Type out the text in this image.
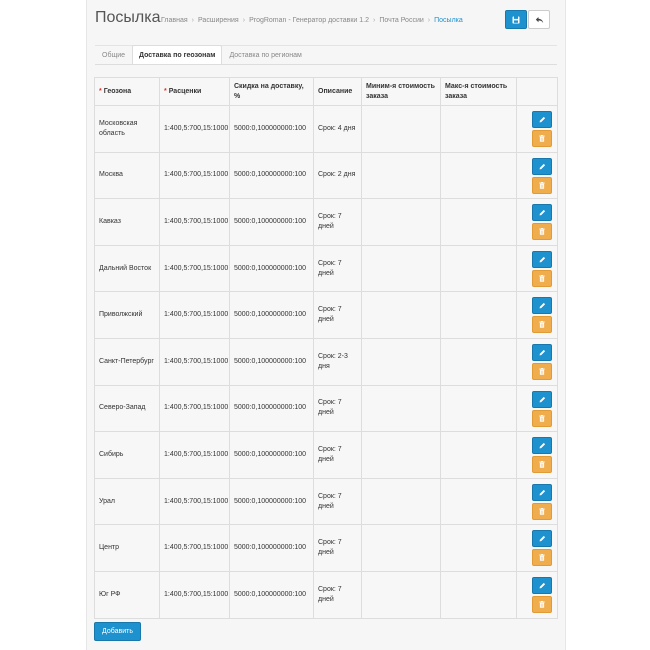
Посылка Главная › Расширения › ProgRoman - Генератор доставки 1.2 › Почта России › Посылка
Общие	Доставка по геозонам	Доставка по регионам
* Геозона	* Расценки	Скидка на доставку, %	Описание	Миним-я стоимость заказа	Макс-я стоимость заказа	
Московская область	1:400,5:700,15:1000	5000:0,100000000:100	Срок: 4 дня			

Москва	1:400,5:700,15:1000	5000:0,100000000:100	Срок: 2 дня			

Кавказ	1:400,5:700,15:1000	5000:0,100000000:100	Срок: 7 дней			

Дальний Восток	1:400,5:700,15:1000	5000:0,100000000:100	Срок: 7 дней			

Приволжский	1:400,5:700,15:1000	5000:0,100000000:100	Срок: 7 дней			

Санкт-Петербург	1:400,5:700,15:1000	5000:0,100000000:100	Срок: 2-3 дня			

Северо-Запад	1:400,5:700,15:1000	5000:0,100000000:100	Срок: 7 дней			

Сибирь	1:400,5:700,15:1000	5000:0,100000000:100	Срок: 7 дней			

Урал	1:400,5:700,15:1000	5000:0,100000000:100	Срок: 7 дней			

Центр	1:400,5:700,15:1000	5000:0,100000000:100	Срок: 7 дней			

Юг РФ	1:400,5:700,15:1000	5000:0,100000000:100	Срок: 7 дней			
Добавить
